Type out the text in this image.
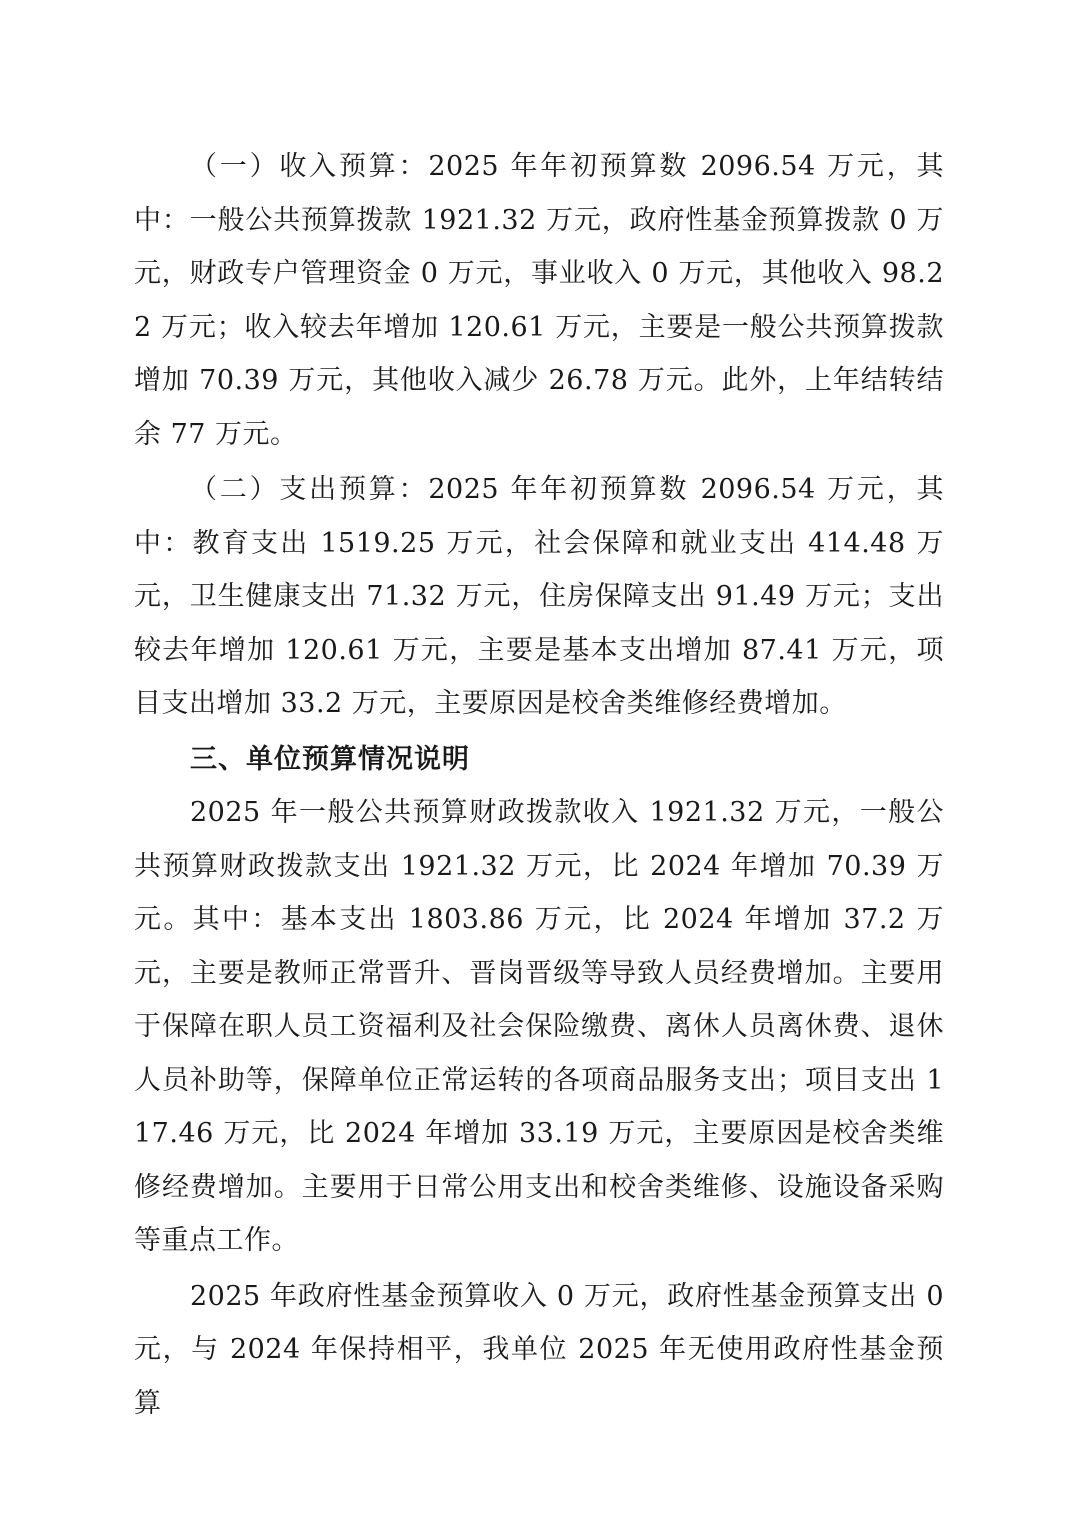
（一）收入预算：2025 年年初预算数 2096.54 万元，其中：一般公共预算拨款 1921.32 万元，政府性基金预算拨款 0 万元，财政专户管理资金 0 万元，事业收入 0 万元，其他收入 98.22 万元；收入较去年增加 120.61 万元，主要是一般公共预算拨款增加 70.39 万元，其他收入减少 26.78 万元。此外，上年结转结余 77 万元。

（二）支出预算：2025 年年初预算数 2096.54 万元，其中：教育支出 1519.25 万元，社会保障和就业支出 414.48 万元，卫生健康支出 71.32 万元，住房保障支出 91.49 万元；支出较去年增加 120.61 万元，主要是基本支出增加 87.41 万元，项目支出增加 33.2 万元，主要原因是校舍类维修经费增加。

三、单位预算情况说明

2025 年一般公共预算财政拨款收入 1921.32 万元，一般公共预算财政拨款支出 1921.32 万元，比 2024 年增加 70.39 万元。其中：基本支出 1803.86 万元，比 2024 年增加 37.2 万元，主要是教师正常晋升、晋岗晋级等导致人员经费增加。主要用于保障在职人员工资福利及社会保险缴费、离休人员离休费、退休人员补助等，保障单位正常运转的各项商品服务支出；项目支出 117.46 万元，比 2024 年增加 33.19 万元，主要原因是校舍类维修经费增加。主要用于日常公用支出和校舍类维修、设施设备采购等重点工作。

2025 年政府性基金预算收入 0 万元，政府性基金预算支出 0 元，与 2024 年保持相平，我单位 2025 年无使用政府性基金预算
